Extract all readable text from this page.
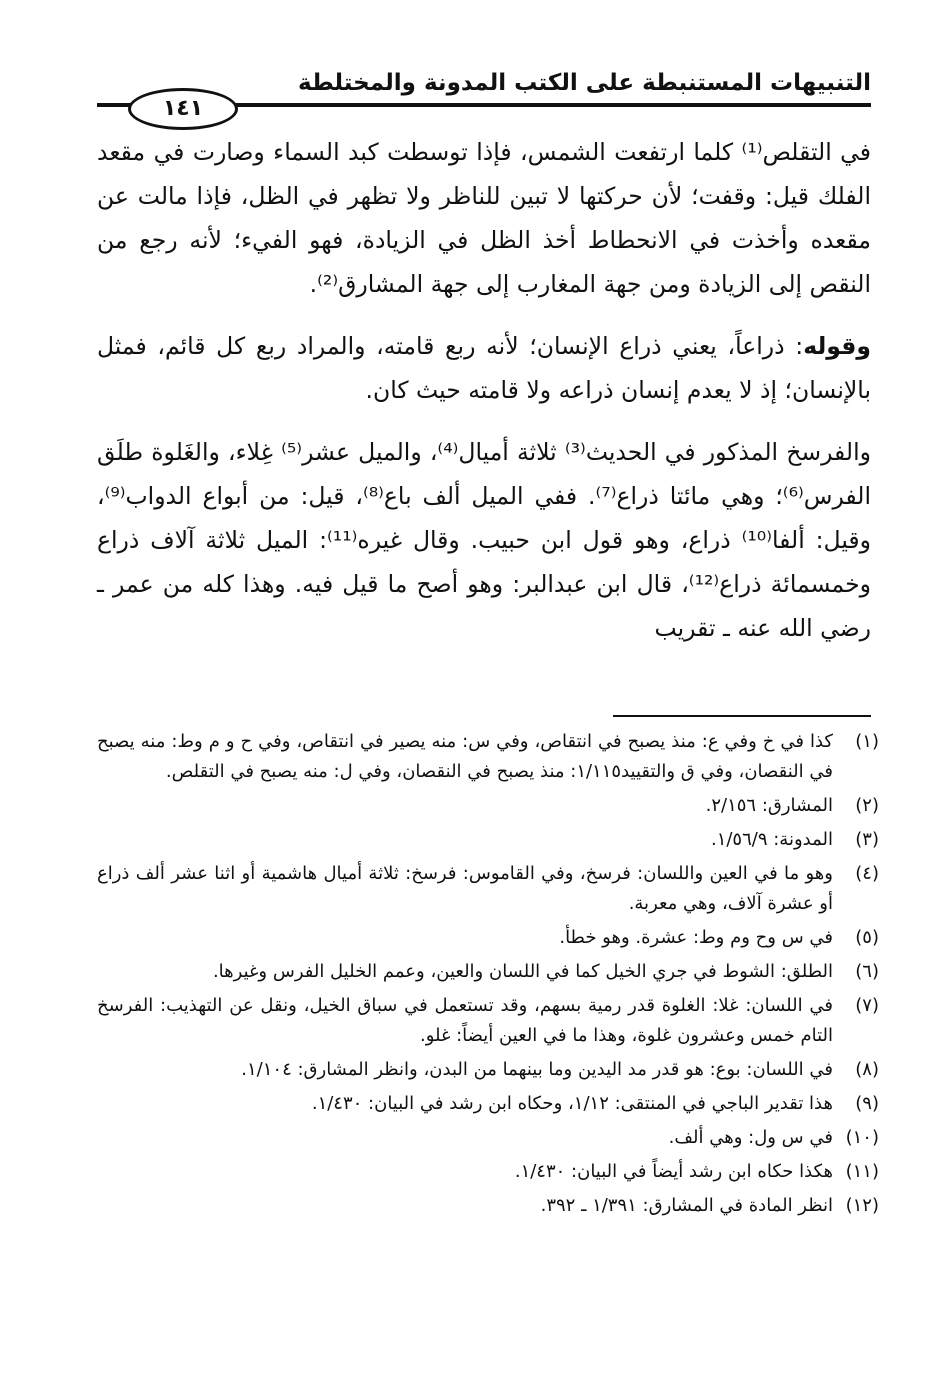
التنبيهات المستنبطة على الكتب المدونة والمختلطة
١٤١

في التقلص⁽¹⁾ كلما ارتفعت الشمس، فإذا توسطت كبد السماء وصارت في مقعد الفلك قيل: وقفت؛ لأن حركتها لا تبين للناظر ولا تظهر في الظل، فإذا مالت عن مقعده وأخذت في الانحطاط أخذ الظل في الزيادة، فهو الفيء؛ لأنه رجع من النقص إلى الزيادة ومن جهة المغارب إلى جهة المشارق⁽²⁾.

وقوله: ذراعاً، يعني ذراع الإنسان؛ لأنه ربع قامته، والمراد ربع كل قائم، فمثل بالإنسان؛ إذ لا يعدم إنسان ذراعه ولا قامته حيث كان.

والفرسخ المذكور في الحديث⁽³⁾ ثلاثة أميال⁽⁴⁾، والميل عشر⁽⁵⁾ غِلاء، والغَلوة طلَق الفرس⁽⁶⁾؛ وهي مائتا ذراع⁽⁷⁾. ففي الميل ألف باع⁽⁸⁾، قيل: من أبواع الدواب⁽⁹⁾، وقيل: ألفا⁽¹⁰⁾ ذراع، وهو قول ابن حبيب. وقال غيره⁽¹¹⁾: الميل ثلاثة آلاف ذراع وخمسمائة ذراع⁽¹²⁾، قال ابن عبدالبر: وهو أصح ما قيل فيه. وهذا كله من عمر ـ رضي الله عنه ـ تقريب

(١)
كذا في خ وفي ع: منذ يصبح في انتقاص، وفي س: منه يصير في انتقاص، وفي ح و م وط: منه يصبح في النقصان، وفي ق والتقييد١/١١٥: منذ يصبح في النقصان، وفي ل: منه يصبح في التقلص.
(٢)
المشارق: ٢/١٥٦.
(٣)
المدونة: ١/٥٦/٩.
(٤)
وهو ما في العين واللسان: فرسخ، وفي القاموس: فرسخ: ثلاثة أميال هاشمية أو اثنا عشر ألف ذراع أو عشرة آلاف، وهي معربة.
(٥)
في س وح وم وط: عشرة. وهو خطأ.
(٦)
الطلق: الشوط في جري الخيل كما في اللسان والعين، وعمم الخليل الفرس وغيرها.
(٧)
في اللسان: غلا: الغلوة قدر رمية بسهم، وقد تستعمل في سباق الخيل، ونقل عن التهذيب: الفرسخ التام خمس وعشرون غلوة، وهذا ما في العين أيضاً: غلو.
(٨)
في اللسان: بوع: هو قدر مد اليدين وما بينهما من البدن، وانظر المشارق: ١/١٠٤.
(٩)
هذا تقدير الباجي في المنتقى: ١/١٢، وحكاه ابن رشد في البيان: ١/٤٣٠.
(١٠)
في س ول: وهي ألف.
(١١)
هكذا حكاه ابن رشد أيضاً في البيان: ١/٤٣٠.
(١٢)
انظر المادة في المشارق: ١/٣٩١ ـ ٣٩٢.
